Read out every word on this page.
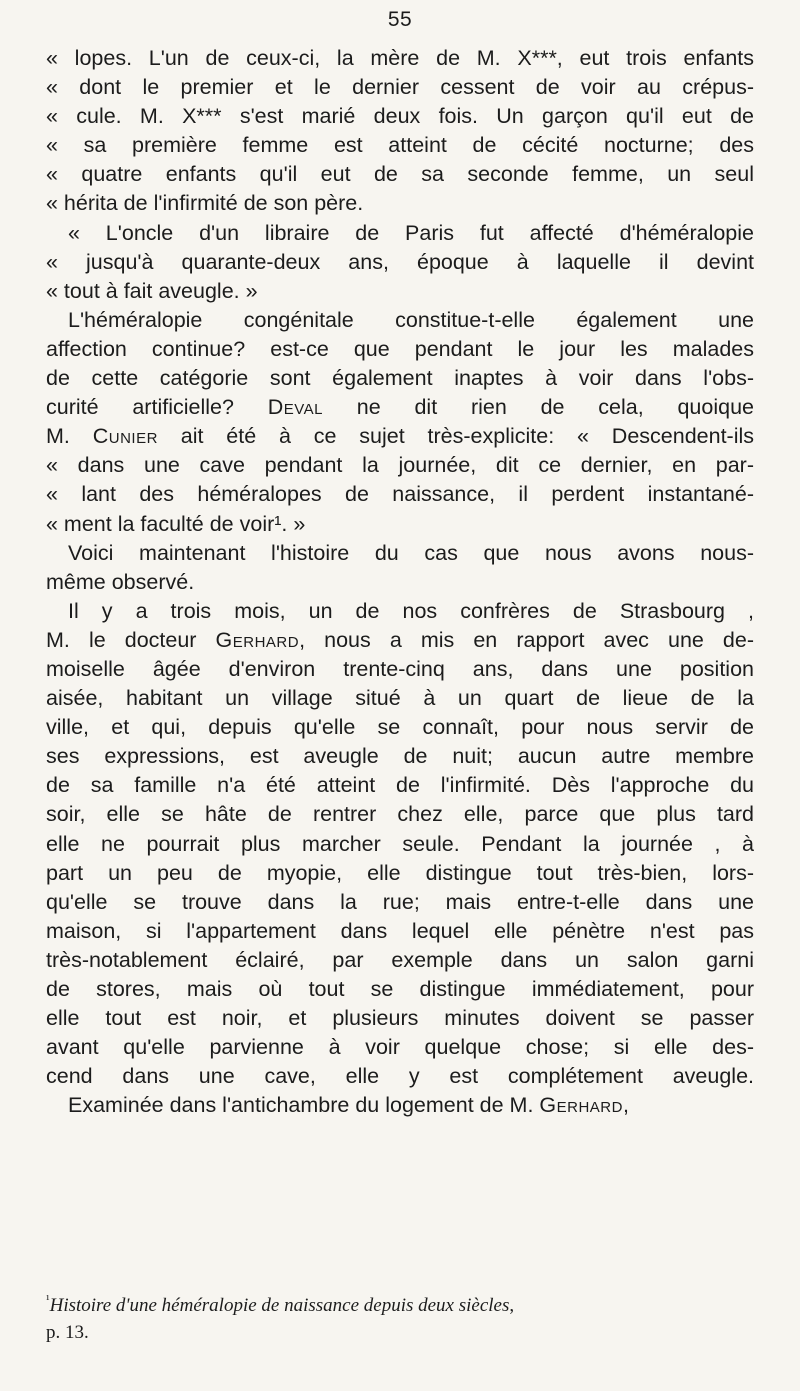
55
« lopes. L'un de ceux-ci, la mère de M. X***, eut trois enfants
« dont le premier et le dernier cessent de voir au crépus-
« cule. M. X*** s'est marié deux fois. Un garçon qu'il eut de
« sa première femme est atteint de cécité nocturne; des
« quatre enfants qu'il eut de sa seconde femme, un seul
« hérita de l'infirmité de son père.
« L'oncle d'un libraire de Paris fut affecté d'héméralopie
« jusqu'à quarante-deux ans, époque à laquelle il devint
« tout à fait aveugle. »
L'héméralopie congénitale constitue-t-elle également une
affection continue? est-ce que pendant le jour les malades
de cette catégorie sont également inaptes à voir dans l'obs-
curité artificielle? Deval ne dit rien de cela, quoique
M. Cunier ait été à ce sujet très-explicite: « Descendent-ils
« dans une cave pendant la journée, dit ce dernier, en par-
« lant des héméralopes de naissance, il perdent instantané-
« ment la faculté de voir¹. »
Voici maintenant l'histoire du cas que nous avons nous-
même observé.
Il y a trois mois, un de nos confrères de Strasbourg ,
M. le docteur Gerhard, nous a mis en rapport avec une de-
moiselle âgée d'environ trente-cinq ans, dans une position
aisée, habitant un village situé à un quart de lieue de la
ville, et qui, depuis qu'elle se connaît, pour nous servir de
ses expressions, est aveugle de nuit; aucun autre membre
de sa famille n'a été atteint de l'infirmité. Dès l'approche du
soir, elle se hâte de rentrer chez elle, parce que plus tard
elle ne pourrait plus marcher seule. Pendant la journée , à
part un peu de myopie, elle distingue tout très-bien, lors-
qu'elle se trouve dans la rue; mais entre-t-elle dans une
maison, si l'appartement dans lequel elle pénètre n'est pas
très-notablement éclairé, par exemple dans un salon garni
de stores, mais où tout se distingue immédiatement, pour
elle tout est noir, et plusieurs minutes doivent se passer
avant qu'elle parvienne à voir quelque chose; si elle des-
cend dans une cave, elle y est complétement aveugle.
Examinée dans l'antichambre du logement de M. Gerhard,
$^{^1}$Histoire d'une héméralopie de naissance depuis deux siècles,
p. 13.
